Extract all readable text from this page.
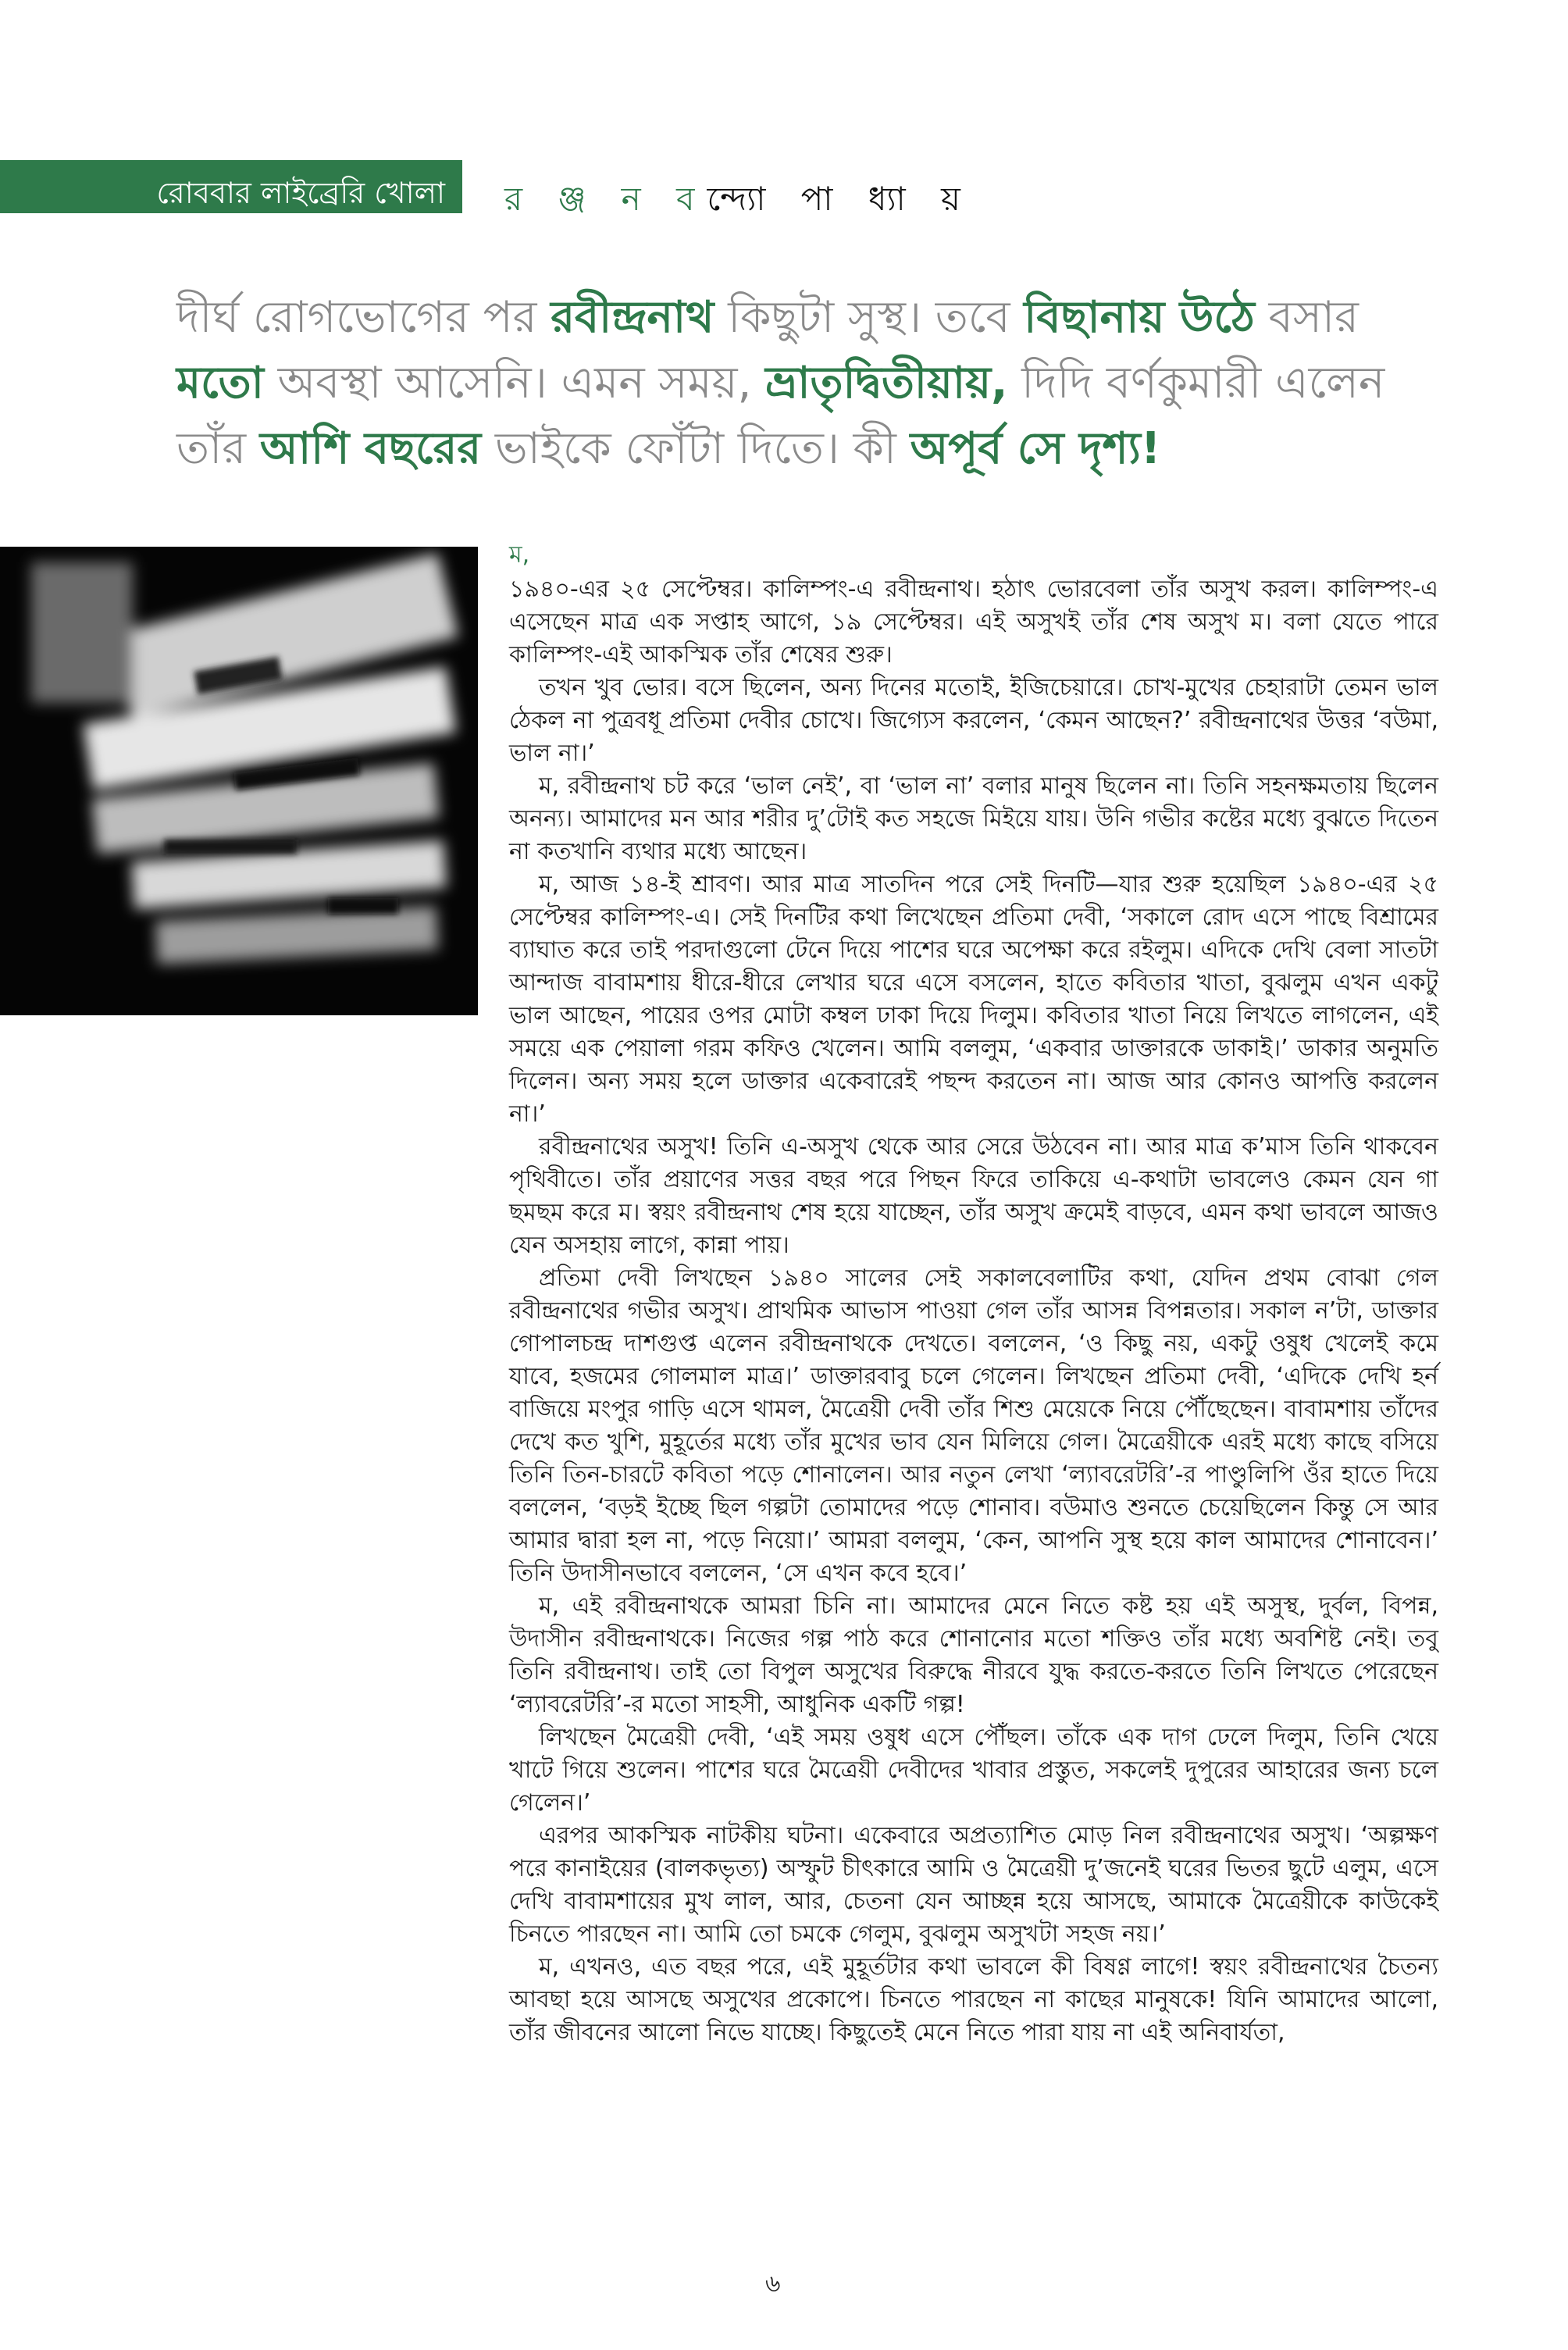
রোববার লাইব্রেরি খোলা র ঞ্জ ন বন্দ্যো পা ধ্যা য়
দীর্ঘ রোগভোগের পর রবীন্দ্রনাথ কিছুটা সুস্থ। তবে বিছানায় উঠে বসার মতো অবস্থা আসেনি। এমন সময়, ভ্রাতৃদ্বিতীয়ায়, দিদি বর্ণকুমারী এলেন তাঁর আশি বছরের ভাইকে ফোঁটা দিতে। কী অপূর্ব সে দৃশ্য!
ম,

১৯৪০-এর ২৫ সেপ্টেম্বর। কালিম্পং-এ রবীন্দ্রনাথ। হঠাৎ ভোরবেলা তাঁর অসুখ করল। কালিম্পং-এ এসেছেন মাত্র এক সপ্তাহ আগে, ১৯ সেপ্টেম্বর। এই অসুখই তাঁর শেষ অসুখ ম। বলা যেতে পারে কালিম্পং-এই আকস্মিক তাঁর শেষের শুরু।

তখন খুব ভোর। বসে ছিলেন, অন্য দিনের মতোই, ইজিচেয়ারে। চোখ-মুখের চেহারাটা তেমন ভাল ঠেকল না পুত্রবধূ প্রতিমা দেবীর চোখে। জিগ্যেস করলেন, ‘কেমন আছেন?’ রবীন্দ্রনাথের উত্তর ‘বউমা, ভাল না।’

ম, রবীন্দ্রনাথ চট করে ‘ভাল নেই’, বা ‘ভাল না’ বলার মানুষ ছিলেন না। তিনি সহনক্ষমতায় ছিলেন অনন্য। আমাদের মন আর শরীর দু’টোই কত সহজে মিইয়ে যায়। উনি গভীর কষ্টের মধ্যে বুঝতে দিতেন না কতখানি ব্যথার মধ্যে আছেন।

ম, আজ ১৪-ই শ্রাবণ। আর মাত্র সাতদিন পরে সেই দিনটি—যার শুরু হয়েছিল ১৯৪০-এর ২৫ সেপ্টেম্বর কালিম্পং-এ। সেই দিনটির কথা লিখেছেন প্রতিমা দেবী, ‘সকালে রোদ এসে পাছে বিশ্রামের ব্যাঘাত করে তাই পরদাগুলো টেনে দিয়ে পাশের ঘরে অপেক্ষা করে রইলুম। এদিকে দেখি বেলা সাতটা আন্দাজ বাবামশায় ধীরে-ধীরে লেখার ঘরে এসে বসলেন, হাতে কবিতার খাতা, বুঝলুম এখন একটু ভাল আছেন, পায়ের ওপর মোটা কম্বল ঢাকা দিয়ে দিলুম। কবিতার খাতা নিয়ে লিখতে লাগলেন, এই সময়ে এক পেয়ালা গরম কফিও খেলেন। আমি বললুম, ‘একবার ডাক্তারকে ডাকাই।’ ডাকার অনুমতি দিলেন। অন্য সময় হলে ডাক্তার একেবারেই পছন্দ করতেন না। আজ আর কোনও আপত্তি করলেন না।’

রবীন্দ্রনাথের অসুখ! তিনি এ-অসুখ থেকে আর সেরে উঠবেন না। আর মাত্র ক’মাস তিনি থাকবেন পৃথিবীতে। তাঁর প্রয়াণের সত্তর বছর পরে পিছন ফিরে তাকিয়ে এ-কথাটা ভাবলেও কেমন যেন গা ছমছম করে ম। স্বয়ং রবীন্দ্রনাথ শেষ হয়ে যাচ্ছেন, তাঁর অসুখ ক্রমেই বাড়বে, এমন কথা ভাবলে আজও যেন অসহায় লাগে, কান্না পায়।

প্রতিমা দেবী লিখছেন ১৯৪০ সালের সেই সকালবেলাটির কথা, যেদিন প্রথম বোঝা গেল রবীন্দ্রনাথের গভীর অসুখ। প্রাথমিক আভাস পাওয়া গেল তাঁর আসন্ন বিপন্নতার। সকাল ন’টা, ডাক্তার গোপালচন্দ্র দাশগুপ্ত এলেন রবীন্দ্রনাথকে দেখতে। বললেন, ‘ও কিছু নয়, একটু ওষুধ খেলেই কমে যাবে, হজমের গোলমাল মাত্র।’ ডাক্তারবাবু চলে গেলেন। লিখছেন প্রতিমা দেবী, ‘এদিকে দেখি হর্ন বাজিয়ে মংপুর গাড়ি এসে থামল, মৈত্রেয়ী দেবী তাঁর শিশু মেয়েকে নিয়ে পৌঁছেছেন। বাবামশায় তাঁদের দেখে কত খুশি, মুহূর্তের মধ্যে তাঁর মুখের ভাব যেন মিলিয়ে গেল। মৈত্রেয়ীকে এরই মধ্যে কাছে বসিয়ে তিনি তিন-চারটে কবিতা পড়ে শোনালেন। আর নতুন লেখা ‘ল্যাবরেটরি’-র পাণ্ডুলিপি ওঁর হাতে দিয়ে বললেন, ‘বড়ই ইচ্ছে ছিল গল্পটা তোমাদের পড়ে শোনাব। বউমাও শুনতে চেয়েছিলেন কিন্তু সে আর আমার দ্বারা হল না, পড়ে নিয়ো।’ আমরা বললুম, ‘কেন, আপনি সুস্থ হয়ে কাল আমাদের শোনাবেন।’ তিনি উদাসীনভাবে বললেন, ‘সে এখন কবে হবে।’

ম, এই রবীন্দ্রনাথকে আমরা চিনি না। আমাদের মেনে নিতে কষ্ট হয় এই অসুস্থ, দুর্বল, বিপন্ন, উদাসীন রবীন্দ্রনাথকে। নিজের গল্প পাঠ করে শোনানোর মতো শক্তিও তাঁর মধ্যে অবশিষ্ট নেই। তবু তিনি রবীন্দ্রনাথ। তাই তো বিপুল অসুখের বিরুদ্ধে নীরবে যুদ্ধ করতে-করতে তিনি লিখতে পেরেছেন ‘ল্যাবরেটরি’-র মতো সাহসী, আধুনিক একটি গল্প!

লিখছেন মৈত্রেয়ী দেবী, ‘এই সময় ওষুধ এসে পৌঁছল। তাঁকে এক দাগ ঢেলে দিলুম, তিনি খেয়ে খাটে গিয়ে শুলেন। পাশের ঘরে মৈত্রেয়ী দেবীদের খাবার প্রস্তুত, সকলেই দুপুরের আহারের জন্য চলে গেলেন।’

এরপর আকস্মিক নাটকীয় ঘটনা। একেবারে অপ্রত্যাশিত মোড় নিল রবীন্দ্রনাথের অসুখ। ‘অল্পক্ষণ পরে কানাইয়ের (বালকভৃত্য) অস্ফুট চীৎকারে আমি ও মৈত্রেয়ী দু’জনেই ঘরের ভিতর ছুটে এলুম, এসে দেখি বাবামশায়ের মুখ লাল, আর, চেতনা যেন আচ্ছন্ন হয়ে আসছে, আমাকে মৈত্রেয়ীকে কাউকেই চিনতে পারছেন না। আমি তো চমকে গেলুম, বুঝলুম অসুখটা সহজ নয়।’

ম, এখনও, এত বছর পরে, এই মুহূর্তটার কথা ভাবলে কী বিষণ্ণ লাগে! স্বয়ং রবীন্দ্রনাথের চৈতন্য আবছা হয়ে আসছে অসুখের প্রকোপে। চিনতে পারছেন না কাছের মানুষকে! যিনি আমাদের আলো, তাঁর জীবনের আলো নিভে যাচ্ছে। কিছুতেই মেনে নিতে পারা যায় না এই অনিবার্যতা,

৬
